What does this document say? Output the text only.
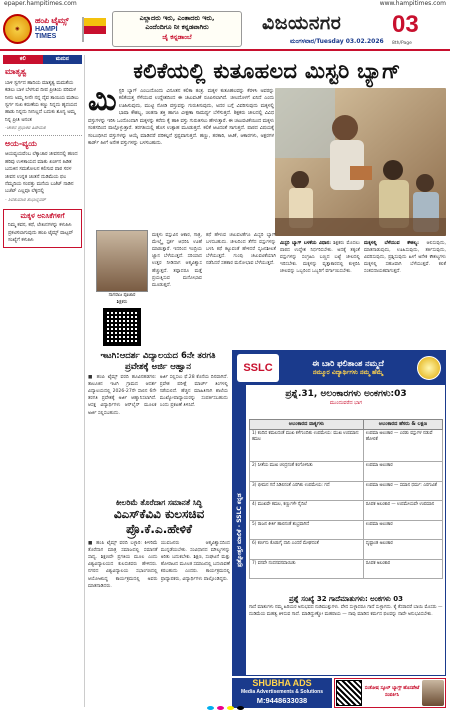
epaper.hampitimes.com	www.hampitimes.com
◉
ಹಂಪಿ ಟೈಮ್ಸ್
HAMPI TIMES
ಎಲ್ಲಾದರು ಇರು, ಎಂತಾದರು ಇರು,
ಎಂದೆಂದಿಗೂ ನೀ ಕನ್ನಡವಾಗಿರು
ಜೈ ಕನ್ನಡಾಂಬೆ
ವಿಜಯನಗರ
ಮಂಗಳವಾರ/Tuesday 03.02.2026
03
8th/Page
ಕಲಿ	ಮನುನ
ಮಾತೃತ್ವ

ಬಾಳಿ ಸ್ವರ್ಗದ ಹಾದಿಯ ಮಾತೃತ್ವ ಮಮತೆಯ ಕಡಲು ಬಾಳ ಬೆಳಗುವ ದೀಪ ಪ್ರೀತಿಯ ಪರಿಮಳ ನೀನು ಅಮ್ಮ ನೀನೇ ನನ್ನ ದೈವ ತಾಯಿಯ ಮಡಿಲು ಸ್ವರ್ಗ ಸುಖ ಕರುಣೆಯ ಕಣ್ಣು ನಿನ್ನದು ಹೃದಯದ ಹಾಡು ನಿನ್ನದು ನೀನಿಲ್ಲದೆ ಬದುಕು ಶೂನ್ಯ ಅಮ್ಮ ನಿನ್ನ ಪ್ರೀತಿ ಅನಂತ

-ಚೇತನ ಪ್ರಭಾಕರ ಹಿರೇಮಠ

ಅಯ-ವ್ಯಯ

ಆಯವ್ಯಯವೆಂಬ ಲೆಕ್ಕಾಚಾರ ಜೀವನದಲ್ಲಿ ಹಣದ ಹರಿವು ಉಳಿತಾಯದ ಮಾತು ಖರ್ಚಿನ ಹಿಡಿತ ಬದುಕಿನ ಸಮತೋಲನ ಕಲಿಸುವ ಪಾಠ ಸರಳ ಜೀವನ ಉನ್ನತ ಚಿಂತನೆ ದುಡಿಮೆಯ ಫಲ ನೆಮ್ಮದಿಯ ಸಂಪತ್ತು ಮನೆಯ ಬಜೆಟ್ ನಾಡಿನ ಬಜೆಟ್ ಎಲ್ಲವೂ ಲೆಕ್ಕದಲ್ಲಿ

- ಶಿವಕುಮಾರ ಶುಭಾನ್ನವರ್

ಮಕ್ಕಳ ಅನಿಸಿಕೆಗಳಿಗೆ

ನಿಮ್ಮ ಕವನ, ಕಥೆ, ಲೇಖನಗಳನ್ನು ಕಳುಹಿಸಿ ಪ್ರಕಟಿಸಲಾಗುವುದು ಹಂಪಿ ಟೈಮ್ಸ್ ವಾಟ್ಸಪ್ ಸಂಖ್ಯೆಗೆ ಕಳುಹಿಸಿ

ಕಲಿಕೆಯಲ್ಲಿ ಕುತೂಹಲದ ಮಿಸ್ಟರಿ ಬ್ಯಾಗ್
ಮಿಸ್ಟರಿ ಬ್ಯಾಗ್ ಎಂಬುದೊಂದು ವಿನೂತನ ಕಲಿಕಾ ತಂತ್ರ. ಮಕ್ಕಳ ಕುತೂಹಲವನ್ನು ಕೆರಳಿಸಿ ಅವರನ್ನು ಕಲಿಕೆಯತ್ತ ಸೆಳೆಯುವ ಉದ್ದೇಶದಿಂದ ಈ ಚಟುವಟಿಕೆ ರೂಪಿಸಲಾಗಿದೆ. ಚೀಲದೊಳಗೆ ಏನಿದೆ ಎಂದು ಊಹಿಸುವುದು, ಮುಟ್ಟಿ ನೋಡಿ ವಸ್ತುವನ್ನು ಗುರುತಿಸುವುದು, ಅದರ ಬಗ್ಗೆ ವಿವರಿಸುವುದು ಮಕ್ಕಳಲ್ಲಿ ಭಾಷಾ ಕೌಶಲ್ಯ, ಚಿಂತನಾ ಶಕ್ತಿ ಹಾಗೂ ವೀಕ್ಷಣಾ ಸಾಮರ್ಥ್ಯ ಬೆಳೆಸುತ್ತದೆ. ಶಿಕ್ಷಕರು ಚೀಲದಲ್ಲಿ ವಿವಿಧ ವಸ್ತುಗಳನ್ನು ಇರಿಸಿ ಒಂದೊಂದಾಗಿ ಮಕ್ಕಳನ್ನು ಕರೆದು ಕೈ ಹಾಕಿ ವಸ್ತು ಗುರುತಿಸಲು ಹೇಳುತ್ತಾರೆ. ಈ ಚಟುವಟಿಕೆಯಿಂದ ಮಕ್ಕಳು ಸಂತಸದಿಂದ ಪಾಲ್ಗೊಳ್ಳುತ್ತಾರೆ. ತರಗತಿಯಲ್ಲಿ ಹೊಸ ಉತ್ಸಾಹ ಮೂಡುತ್ತದೆ. ಕಲಿಕೆ ಆಟದಂತೆ ಸಾಗುತ್ತದೆ. ಪಾಠದ ವಿಷಯಕ್ಕೆ ಸಂಬಂಧಿಸಿದ ವಸ್ತುಗಳನ್ನು ಆಯ್ಕೆ ಮಾಡಿದರೆ ಪರಿಕಲ್ಪನೆ ಸ್ಪಷ್ಟವಾಗುತ್ತದೆ. ಹಣ್ಣು, ತರಕಾರಿ, ಆಟಿಕೆ, ಆಕಾರಗಳು, ಅಕ್ಷರಗಳ ಕಾರ್ಡ್ ಹೀಗೆ ಅನೇಕ ವಸ್ತುಗಳನ್ನು ಬಳಸಬಹುದು.
ನಾಗರಾಜ ಪೂಜಾರ
ಶಿಕ್ಷಕರು
ಮಕ್ಕಳು ವಸ್ತುವಿನ ಆಕಾರ, ಗಾತ್ರ, ಮೇಲ್ಮೈ ಸ್ಪರ್ಶ ಆಧರಿಸಿ ಊಹೆ ಮಾಡುತ್ತಾರೆ. ಇದರಿಂದ ಇಂದ್ರಿಯ ಜ್ಞಾನ ಬೆಳೆಯುತ್ತದೆ. ಸರಿಯಾದ ಉತ್ತರ ನೀಡಿದಾಗ ಆತ್ಮವಿಶ್ವಾಸ ಹೆಚ್ಚುತ್ತದೆ. ತಪ್ಪಾದರೂ ಮತ್ತೆ ಪ್ರಯತ್ನಿಸುವ ಮನೋಭಾವ ಮೂಡುತ್ತದೆ.
ಕಥೆ ಹೇಳುವ ಚಟುವಟಿಕೆಗೂ ಮಿಸ್ಟರಿ ಬ್ಯಾಗ್ ಬಳಸಬಹುದು. ಚೀಲದಿಂದ ತೆಗೆದ ವಸ್ತುಗಳನ್ನು ಬಳಸಿ ಕಥೆ ಕಟ್ಟುವಂತೆ ಹೇಳಿದರೆ ಸೃಜನಶೀಲತೆ ಬೆಳೆಯುತ್ತದೆ. ಗುಂಪು ಚಟುವಟಿಕೆಯಾಗಿ ನಡೆಸಿದರೆ ಸಹಕಾರ ಮನೋಭಾವ ಬೆಳೆಯುತ್ತದೆ.
ಮಿಸ್ಟರಿ ಬ್ಯಾಗ್ ಬಳಕೆಯ ವಿಧಾನ: ಶಿಕ್ಷಕರು ಮೊದಲು ಪಾಠದ ಉದ್ದೇಶ ನಿರ್ಧರಿಸಬೇಕು. ಅದಕ್ಕೆ ತಕ್ಕಂತೆ ವಸ್ತುಗಳನ್ನು ಸಂಗ್ರಹಿಸಿ ಬಣ್ಣದ ಬಟ್ಟೆ ಚೀಲದಲ್ಲಿ ಇರಿಸಬೇಕು. ಮಕ್ಕಳನ್ನು ವೃತ್ತಾಕಾರದಲ್ಲಿ ಕುಳ್ಳಿರಿಸಿ ಚೀಲವನ್ನು ಒಬ್ಬರಿಂದ ಒಬ್ಬರಿಗೆ ವರ್ಗಾಯಿಸಬೇಕು.
ಮಕ್ಕಳಲ್ಲಿ ಬೆಳೆಯುವ ಕೌಶಲ್ಯ: ಆಲಿಸುವುದು, ಮಾತನಾಡುವುದು, ಊಹಿಸುವುದು, ತರ್ಕಿಸುವುದು, ವಿವರಿಸುವುದು, ಪ್ರಶ್ನಿಸುವುದು ಹೀಗೆ ಅನೇಕ ಕೌಶಲ್ಯಗಳು ಮಕ್ಕಳಲ್ಲಿ ಸಹಜವಾಗಿ ಬೆಳೆಯುತ್ತವೆ. ಕಲಿಕೆ ಸಂತಸದಾಯಕವಾಗುತ್ತದೆ.
ಇಟಗಿ:ಆದರ್ಶ ವಿದ್ಯಾಲಯದ 6ನೇ ತರಗತಿ ಪ್ರವೇಶಕ್ಕೆ ಅರ್ಜಿ ಆಹ್ವಾನ
■ ಹಂಪಿ ಟೈಮ್ಸ್ ವರದಿ ಹೂವಿನಹಡಗಲಿ: ತಾಲೂಕಿನ ಇಟಗಿ ಗ್ರಾಮದ ಆದರ್ಶ ವಿದ್ಯಾಲಯದಲ್ಲಿ 2026-27ನೇ ಸಾಲಿನ 6ನೇ ತರಗತಿ ಪ್ರವೇಶಕ್ಕೆ ಅರ್ಜಿ ಆಹ್ವಾನಿಸಲಾಗಿದೆ. ಆಸಕ್ತ ವಿದ್ಯಾರ್ಥಿಗಳು ಆನ್‌ಲೈನ್ ಮೂಲಕ ಅರ್ಜಿ ಸಲ್ಲಿಸಬಹುದು.
ಅರ್ಜಿ ಸಲ್ಲಿಸಲು ಫೆ.28 ಕೊನೆಯ ದಿನವಾಗಿದೆ. ಪ್ರವೇಶ ಪರೀಕ್ಷೆ ಮಾರ್ಚ್ ತಿಂಗಳಲ್ಲಿ ನಡೆಯಲಿದೆ. ಹೆಚ್ಚಿನ ಮಾಹಿತಿಗಾಗಿ ಶಾಲೆಯ ಮುಖ್ಯೋಪಾಧ್ಯಾಯರನ್ನು ಸಂಪರ್ಕಿಸಬಹುದು ಎಂದು ಪ್ರಕಟಣೆ ತಿಳಿಸಿದೆ.
ಕೀಲರಿಮೆ ತೊರೆದಾಗ ಸಮಾನತೆ ಸಿದ್ಧಿ
ವಿಎಸ್‌ಕೆವಿವಿ ಕುಲಸಚಿವ ಪ್ರೊ.ಕೆ.ಎ.ಹೇಳಿಕೆ
■ ಹಂಪಿ ಟೈಮ್ಸ್ ವರದಿ ಬಳ್ಳಾರಿ: ಕೀಳರಿಮೆ ತೊರೆದಾಗ ಮಾತ್ರ ಸಮಾಜದಲ್ಲಿ ಸಮಾನತೆ ಸಾಧ್ಯ. ಶಿಕ್ಷಣವೇ ಪ್ರಗತಿಯ ಮೂಲ ಎಂದು ವಿಶ್ವವಿದ್ಯಾಲಯದ ಕುಲಸಚಿವರು ಹೇಳಿದರು. ನಗರದ ವಿಶ್ವವಿದ್ಯಾಲಯ ಸಭಾಂಗಣದಲ್ಲಿ ಆಯೋಜಿಸಿದ್ದ ಕಾರ್ಯಕ್ರಮದಲ್ಲಿ ಅವರು ಮಾತನಾಡಿದರು.
ಯುವಜನರು ಆತ್ಮವಿಶ್ವಾಸದಿಂದ ಮುನ್ನಡೆಯಬೇಕು. ಸಂವಿಧಾನದ ಮೌಲ್ಯಗಳನ್ನು ಅರಿತು ಬದುಕಬೇಕು. ಶಿಕ್ಷಣ, ಸಂಘಟನೆ ಮತ್ತು ಹೋರಾಟದ ಮೂಲಕ ಸಮಾಜದಲ್ಲಿ ಬದಲಾವಣೆ ತರಬಹುದು ಎಂದರು. ಕಾರ್ಯಕ್ರಮದಲ್ಲಿ ಪ್ರಾಧ್ಯಾಪಕರು, ವಿದ್ಯಾರ್ಥಿಗಳು ಪಾಲ್ಗೊಂಡಿದ್ದರು.
SSLC	ಈ ಬಾರಿ ಫಲಿತಾಂಶ ನಮ್ಮದೆ
ನಮ್ಮೂರ ವಿದ್ಯಾರ್ಥಿಗಳು ನಮ್ಮ ಹೆಮ್ಮೆ
ಪ್ರಶ್ನೋತ್ತರ ಮಾಲಿಕೆ - SSLC ಕನ್ನಡ
ಪ್ರಶ್ನೆ.31, ಅಲಂಕಾರಗಳು ಅಂಕಗಳು:03
ಮುಂದುವರೆದ ಭಾಗ
ಅಲಂಕಾರದ ವಾಕ್ಯಗಳು	ಅಲಂಕಾರದ ಹೆಸರು & ಲಕ್ಷಣ
1) ಕಂದಿದ ಕಮಲದಂತೆ ಮುಖ ಕಳೆಗುಂದಿತು ಉಪಮೇಯ: ಮುಖ ಉಪಮಾನ: ಕಮಲ	ಉಪಮಾ ಅಲಂಕಾರ — ಎರಡು ವಸ್ತುಗಳ ನಡುವೆ ಹೋಲಿಕೆ
2) ಸೀತೆಯ ಮುಖ ಚಂದ್ರನಂತೆ ಕಂಗೊಳಿಸಿತು	ಉಪಮಾ ಅಲಂಕಾರ
3) ಭೀಮನ ಗದೆ ಸಿಡಿಲಿನಂತೆ ಎರಗಿತು ಉಪಮೇಯ: ಗದೆ	ಉಪಮಾ ಅಲಂಕಾರ — ಸಮಾನ ಧರ್ಮ: ಎರಗುವಿಕೆ
4) ಮುಖವೇ ಕಮಲ, ಕಣ್ಣುಗಳೇ ನೈದಿಲೆ	ರೂಪಕ ಅಲಂಕಾರ — ಉಪಮೇಯವೇ ಉಪಮಾನ
5) ರಾಜನ ಕೀರ್ತಿ ಹಾಲಿನಂತೆ ಶುಭ್ರವಾಗಿದೆ	ಉಪಮಾ ಅಲಂಕಾರ
6) ಕರ್ಣನು ಕೊಡುಗೈ ದಾನಿ ಎಂದರೆ ಮೇಘದಂತೆ	ದೃಷ್ಟಾಂತ ಅಲಂಕಾರ
7) ವನವೇ ನಂದನವನವಾಯಿತು	ರೂಪಕ ಅಲಂಕಾರ
ಪ್ರಶ್ನೆ ಸಂಖ್ಯೆ 32 ಗಾದೆಮಾತುಗಳು: ಅಂಕಗಳು 03
ಗಾದೆ ಮಾತುಗಳು ನಮ್ಮ ಹಿರಿಯರ ಅನುಭವದ ನುಡಿಮುತ್ತುಗಳು. ವೇದ ಸುಳ್ಳಾದರೂ ಗಾದೆ ಸುಳ್ಳಾಗದು. ಕೈ ಕೆಸರಾದರೆ ಬಾಯಿ ಮೊಸರು — ದುಡಿಮೆಯ ಮಹತ್ವ ತಿಳಿಸುವ ಗಾದೆ. ಮಾಡಿದ್ದುಣ್ಣೋ ಮಹರಾಯ — ನಾವು ಮಾಡಿದ ಕರ್ಮದ ಫಲವನ್ನು ನಾವೇ ಅನುಭವಿಸಬೇಕು.
SHUBHA ADS
Media Advertisements & Solutions
M:9448633038
ಸಂತೋಷ ಸ್ಕೂಲ್ ಬ್ಯಾಗ್ಸ್ ಹೊಸಪೇಟೆ ಸಂಪರ್ಕಿಸಿ
